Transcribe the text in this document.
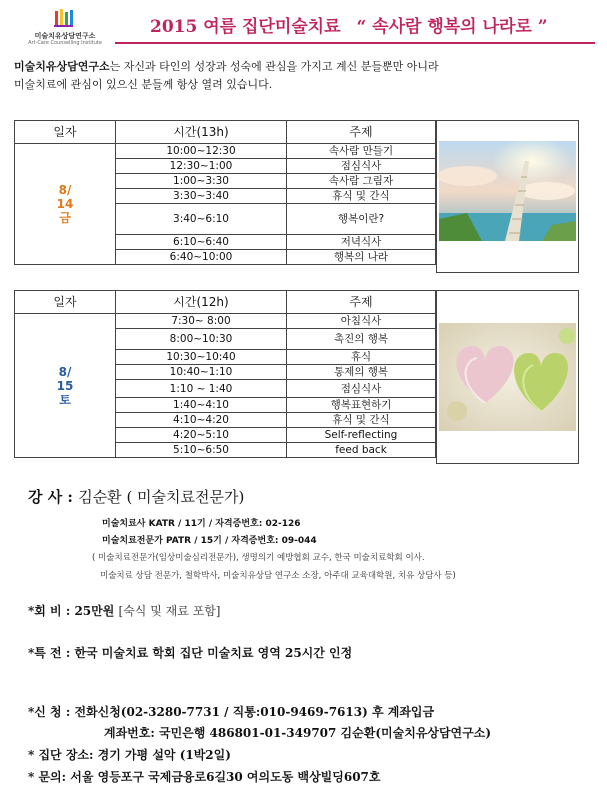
미술치유상담연구소
Art-Care Counselling Institute
2015 여름 집단미술치료 “ 속사람 행복의 나라로 ”
미술치유상담연구소는 자신과 타인의 성장과 성숙에 관심을 가지고 계신 분들뿐만 아니라
미술치료에 관심이 있으신 분들께 항상 열려 있습니다.
일자	시간(13h)	주제
8/
14
금	10:00~12:30	속사람 만들기
	12:30~1:00	점심식사
	1:00~3:30	속사람 그림자
	3:30~3:40	휴식 및 간식
	3:40~6:10	행복이란?
	6:10~6:40	저녁식사
	6:40~10:00	행복의 나라
일자	시간(12h)	주제
8/
15
토	7:30~ 8:00	아침식사
	8:00~10:30	촉진의 행복
	10:30~10:40	휴식
	10:40~1:10	통제의 행복
	1:10 ~ 1:40	점심식사
	1:40~4:10	행복표현하기
	4:10~4:20	휴식 및 간식
	4:20~5:10	Self-reflecting
	5:10~6:50	feed back
강 사 : 김순환 ( 미술치료전문가)
미술치료사 KATR / 11기 / 자격증번호: 02-126
미술치료전문가 PATR / 15기 / 자격증번호: 09-044
( 미술치료전문가(임상미술심리전문가), 생명의기 예방협회 교수, 한국 미술치료학회 이사.
미술치료 상담 전문가, 철학박사, 미술치유상담 연구소 소장, 아주대 교육대학원, 치유 상담사 등)
*회 비 : 25만원 [숙식 및 재료 포함]
*특 전 : 한국 미술치료 학회 집단 미술치료 영역 25시간 인정
*신 청 : 전화신청(02-3280-7731 / 직통:010-9469-7613) 후 계좌입금
계좌번호: 국민은행 486801-01-349707 김순환(미술치유상담연구소)
* 집단 장소: 경기 가평 설악 (1박2일)
* 문의: 서울 영등포구 국제금융로6길30 여의도동 백상빌딩607호
